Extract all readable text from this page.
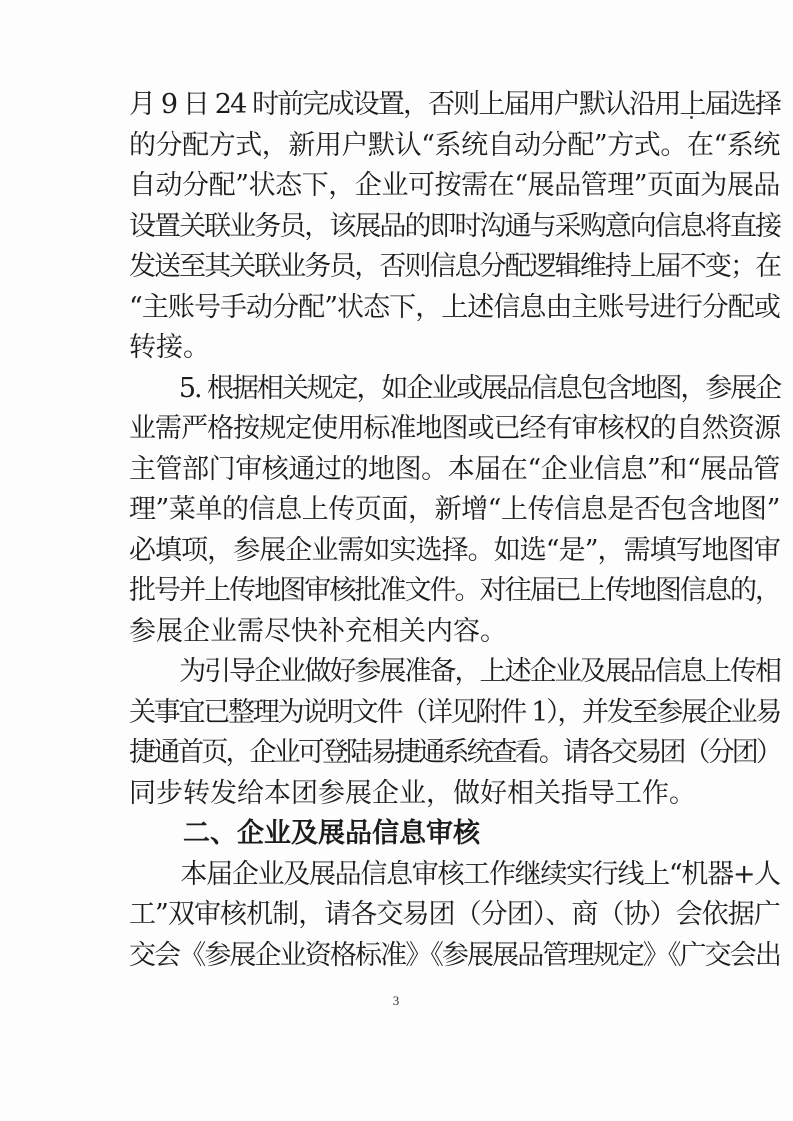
月 9 日 24 时前完成设置，否则上届用户默认沿用上届选择
的分配方式，新用户默认“系统自动分配”方式。在“系统
自动分配”状态下，企业可按需在“展品管理”页面为展品
设置关联业务员，该展品的即时沟通与采购意向信息将直接
发送至其关联业务员，否则信息分配逻辑维持上届不变；在
“主账号手动分配”状态下，上述信息由主账号进行分配或
转接。
　　5. 根据相关规定，如企业或展品信息包含地图，参展企
业需严格按规定使用标准地图或已经有审核权的自然资源
主管部门审核通过的地图。本届在“企业信息”和“展品管
理”菜单的信息上传页面，新增“上传信息是否包含地图”
必填项，参展企业需如实选择。如选“是”，需填写地图审
批号并上传地图审核批准文件。对往届已上传地图信息的，
参展企业需尽快补充相关内容。
　　为引导企业做好参展准备，上述企业及展品信息上传相
关事宜已整理为说明文件（详见附件 1），并发至参展企业易
捷通首页，企业可登陆易捷通系统查看。请各交易团（分团）
同步转发给本团参展企业，做好相关指导工作。
　　二、企业及展品信息审核
　　本届企业及展品信息审核工作继续实行线上“机器+人
工”双审核机制，请各交易团（分团）、商（协）会依据广
交会《参展企业资格标准》《参展展品管理规定》《广交会出
3
